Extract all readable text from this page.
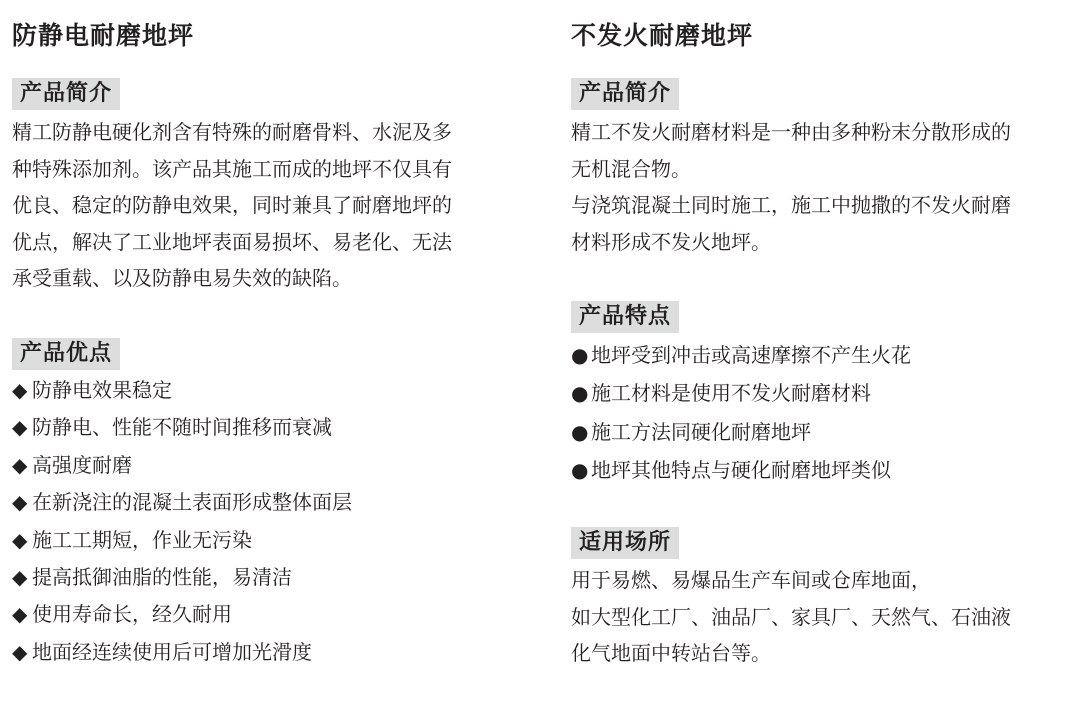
防静电耐磨地坪
产品简介
精工防静电硬化剂含有特殊的耐磨骨料、水泥及多
种特殊添加剂。该产品其施工而成的地坪不仅具有
优良、稳定的防静电效果，同时兼具了耐磨地坪的
优点，解决了工业地坪表面易损坏、易老化、无法
承受重载、以及防静电易失效的缺陷。
产品优点
◆ 防静电效果稳定
◆ 防静电、性能不随时间推移而衰减
◆ 高强度耐磨
◆ 在新浇注的混凝土表面形成整体面层
◆ 施工工期短，作业无污染
◆ 提高抵御油脂的性能，易清洁
◆ 使用寿命长，经久耐用
◆ 地面经连续使用后可增加光滑度
不发火耐磨地坪
产品简介
精工不发火耐磨材料是一种由多种粉末分散形成的
无机混合物。
与浇筑混凝土同时施工，施工中抛撒的不发火耐磨
材料形成不发火地坪。
产品特点
● 地坪受到冲击或高速摩擦不产生火花
● 施工材料是使用不发火耐磨材料
● 施工方法同硬化耐磨地坪
● 地坪其他特点与硬化耐磨地坪类似
适用场所
用于易燃、易爆品生产车间或仓库地面，
如大型化工厂、油品厂、家具厂、天然气、石油液
化气地面中转站台等。
